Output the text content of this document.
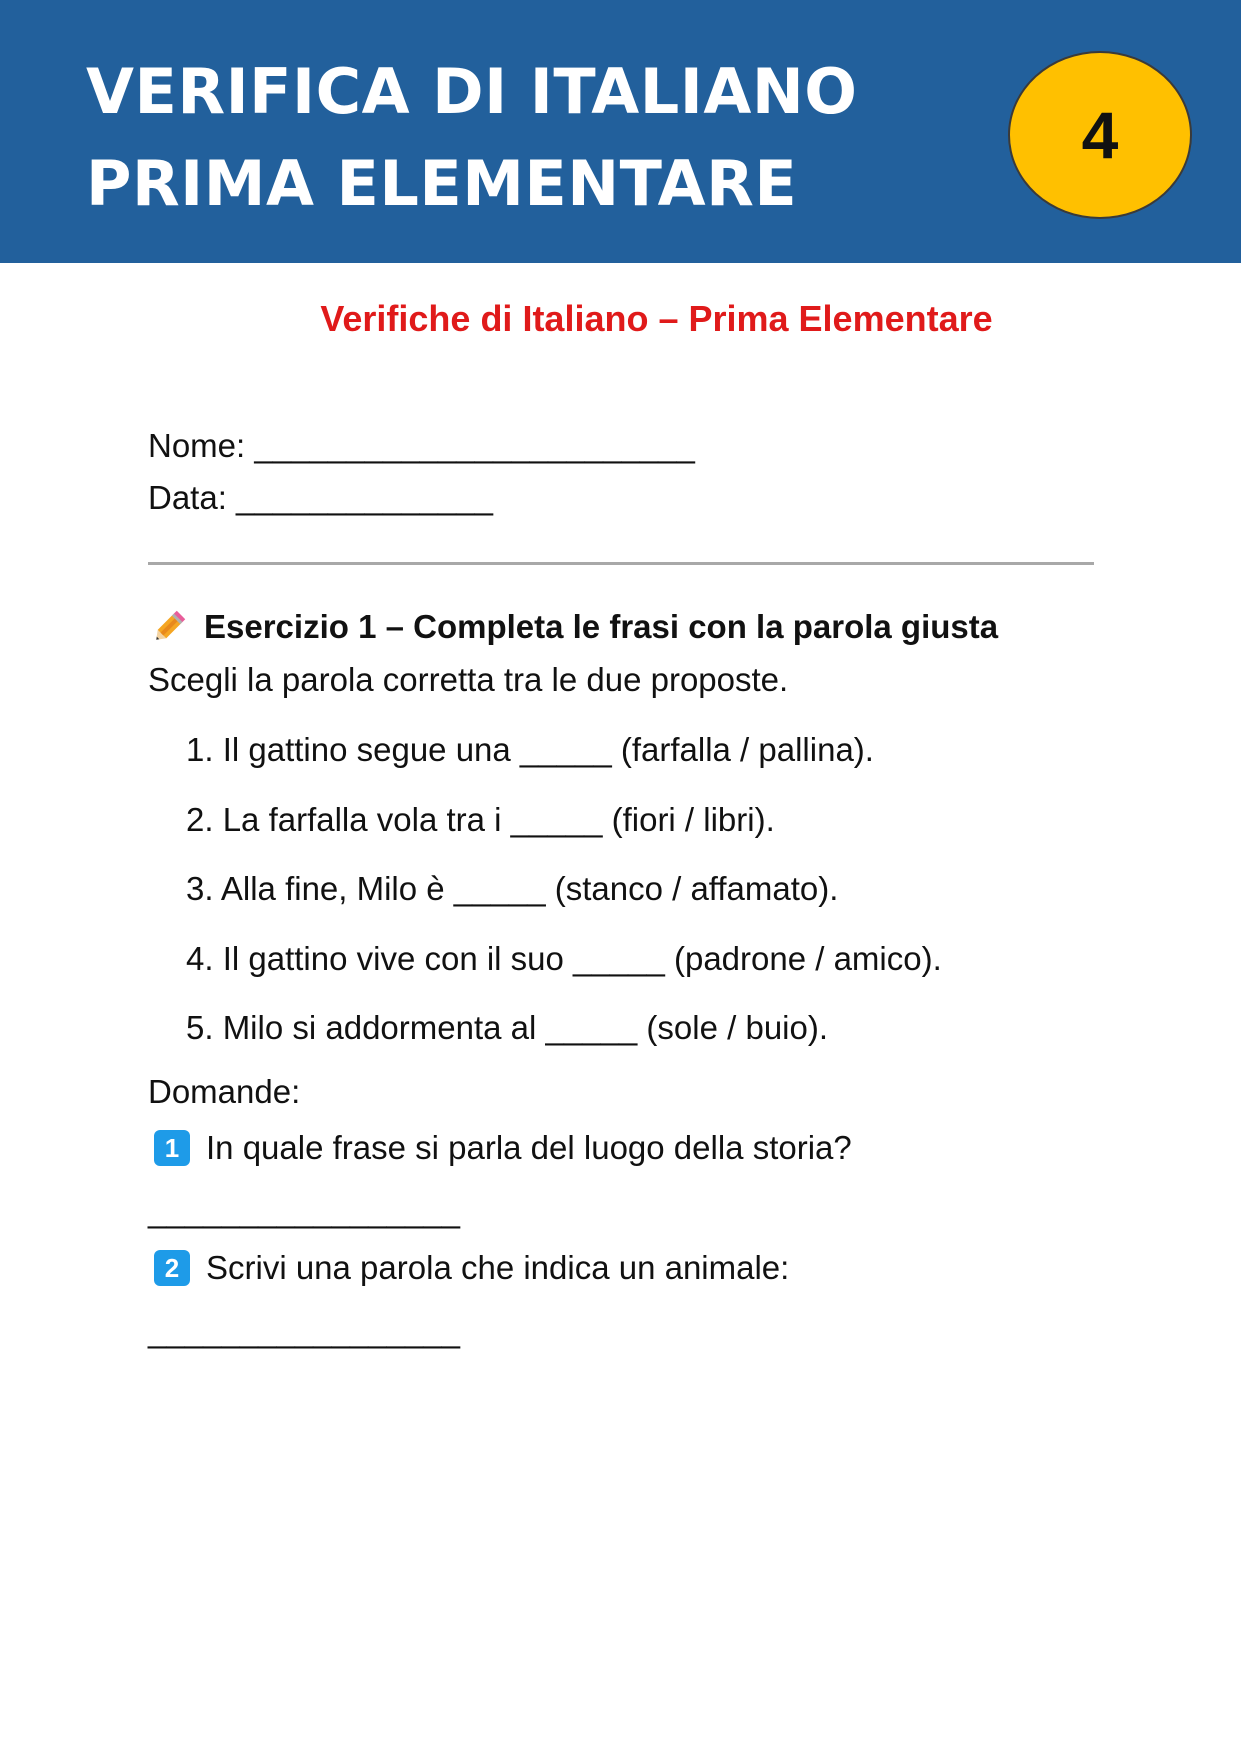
VERIFICA DI ITALIANO
PRIMA ELEMENTARE
4
Verifiche di Italiano – Prima Elementare

Nome: ________________________

Data: ______________

Esercizio 1 – Completa le frasi con la parola giusta

Scegli la parola corretta tra le due proposte.

1. Il gattino segue una _____ (farfalla / pallina).
2. La farfalla vola tra i _____ (fiori / libri).
3. Alla fine, Milo è _____ (stanco / affamato).
4. Il gattino vive con il suo _____ (padrone / amico).
5. Milo si addormenta al _____ (sole / buio).

Domande:

1 In quale frase si parla del luogo della storia?

_________________

2 Scrivi una parola che indica un animale:

_________________
